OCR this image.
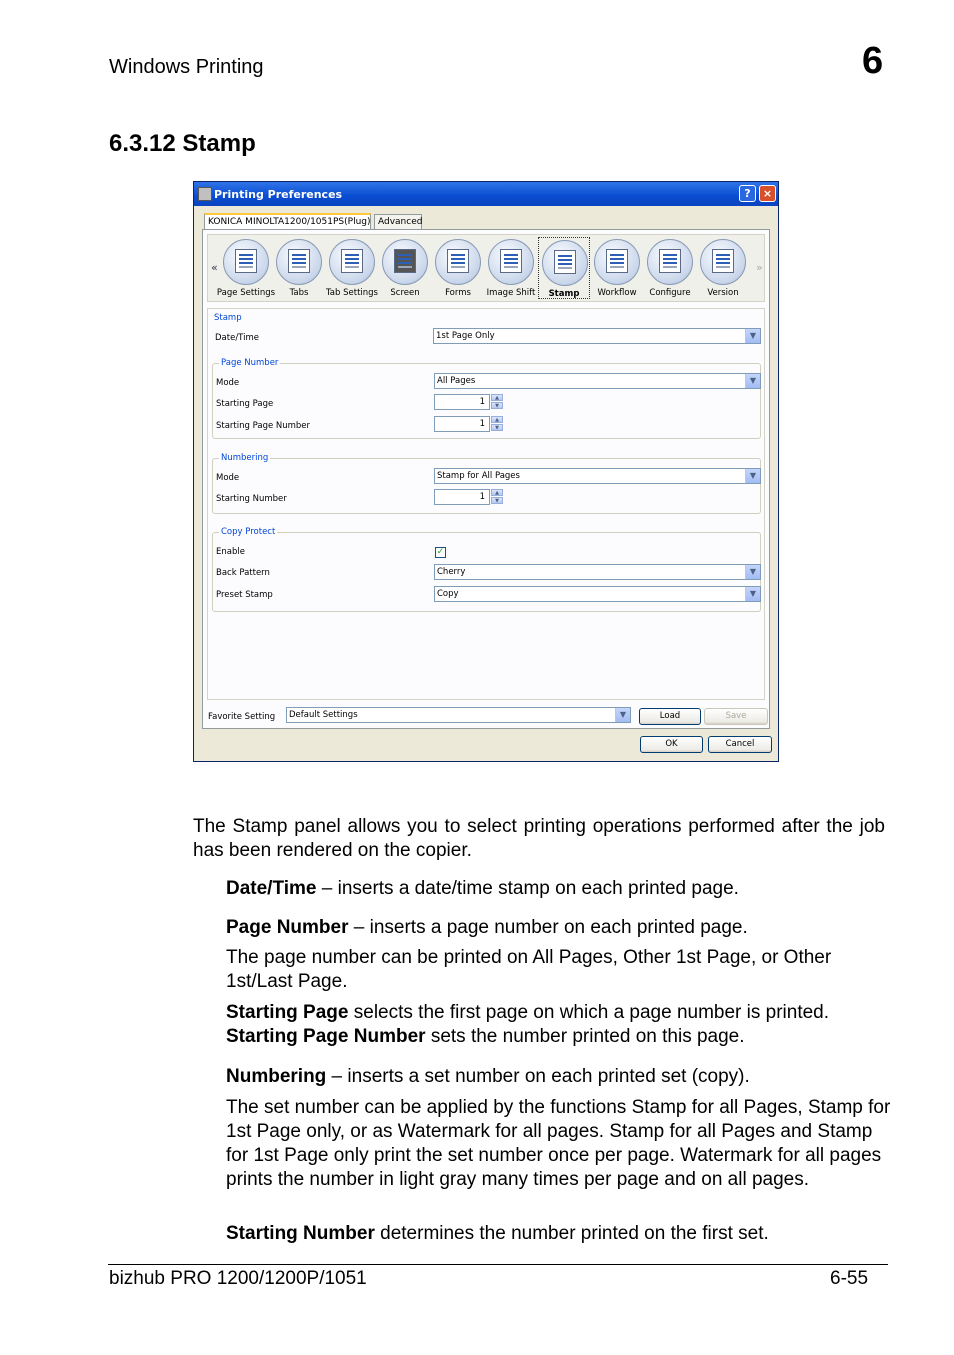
Windows Printing	6
6.3.12 Stamp
Printing Preferences	?	×
KONICA MINOLTA1200/1051PS(Plug) Advanced
«
Page Settings	Tabs	Tab Settings	Screen	Forms	Image Shift	Stamp	Workflow	Configure	Version
»
Stamp
Date/Time	1st Page Only	▼
Page Number
Mode	All Pages	▼
Starting Page	1	▲
▼
Starting Page Number	1	▲
▼
Numbering
Mode	Stamp for All Pages	▼
Starting Number	1	▲
▼
Copy Protect
Enable	✓
Back Pattern	Cherry	▼
Preset Stamp	Copy	▼
Favorite Setting	Default Settings	▼	Load	Save
OK	Cancel
The Stamp panel allows you to select printing operations performed after the job has been rendered on the copier.
Date/Time – inserts a date/time stamp on each printed page.
Page Number – inserts a page number on each printed page.
The page number can be printed on All Pages, Other 1st Page, or Other 1st/Last Page.
Starting Page selects the first page on which a page number is printed.
Starting Page Number sets the number printed on this page.
Numbering – inserts a set number on each printed set (copy).
The set number can be applied by the functions Stamp for all Pages, Stamp for 1st Page only, or as Watermark for all pages. Stamp for all Pages and Stamp for 1st Page only print the set number once per page. Watermark for all pages prints the number in light gray many times per page and on all pages.
Starting Number determines the number printed on the first set.
bizhub PRO 1200/1200P/1051	6-55
